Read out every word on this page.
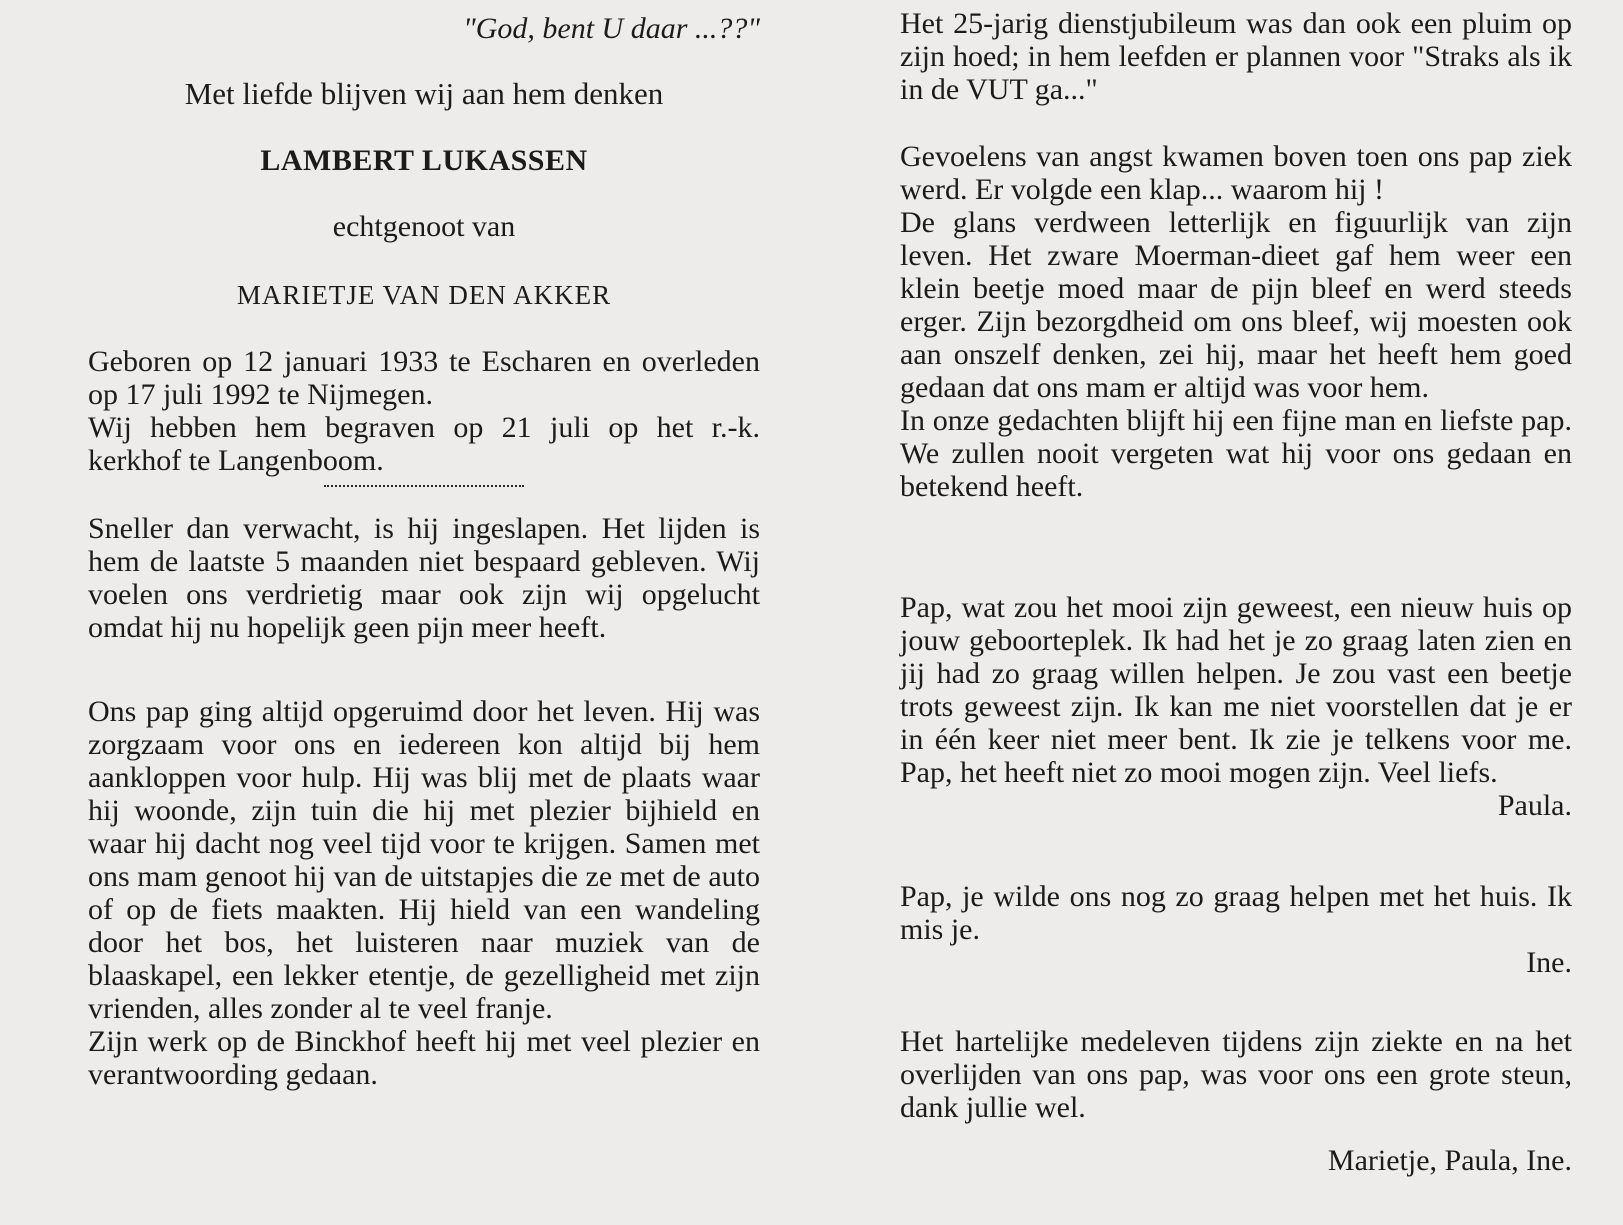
"God, bent U daar ...??"

Met liefde blijven wij aan hem denken

LAMBERT LUKASSEN

echtgenoot van

MARIETJE VAN DEN AKKER

Geboren op 12 januari 1933 te Escharen en overleden op 17 juli 1992 te Nijmegen.

Wij hebben hem begraven op 21 juli op het r.-k. kerkhof te Langenboom.

Sneller dan verwacht, is hij ingeslapen. Het lijden is hem de laatste 5 maanden niet bespaard gebleven. Wij voelen ons verdrietig maar ook zijn wij opgelucht omdat hij nu hopelijk geen pijn meer heeft.

Ons pap ging altijd opgeruimd door het leven. Hij was zorgzaam voor ons en iedereen kon altijd bij hem aankloppen voor hulp. Hij was blij met de plaats waar hij woonde, zijn tuin die hij met plezier bijhield en waar hij dacht nog veel tijd voor te krijgen. Samen met ons mam genoot hij van de uitstapjes die ze met de auto of op de fiets maakten. Hij hield van een wandeling door het bos, het luisteren naar muziek van de blaaskapel, een lekker etentje, de gezelligheid met zijn vrienden, alles zonder al te veel franje.

Zijn werk op de Binckhof heeft hij met veel plezier en verantwoording gedaan.

Het 25-jarig dienstjubileum was dan ook een pluim op zijn hoed; in hem leefden er plannen voor "Straks als ik in de VUT ga..."

Gevoelens van angst kwamen boven toen ons pap ziek werd. Er volgde een klap... waarom hij !

De glans verdween letterlijk en figuurlijk van zijn leven. Het zware Moerman-dieet gaf hem weer een klein beetje moed maar de pijn bleef en werd steeds erger. Zijn bezorgdheid om ons bleef, wij moesten ook aan onszelf denken, zei hij, maar het heeft hem goed gedaan dat ons mam er altijd was voor hem.

In onze gedachten blijft hij een fijne man en liefste pap. We zullen nooit vergeten wat hij voor ons gedaan en betekend heeft.

Pap, wat zou het mooi zijn geweest, een nieuw huis op jouw geboorteplek. Ik had het je zo graag laten zien en jij had zo graag willen helpen. Je zou vast een beetje trots geweest zijn. Ik kan me niet voorstellen dat je er in één keer niet meer bent. Ik zie je telkens voor me. Pap, het heeft niet zo mooi mogen zijn. Veel liefs.

Paula.

Pap, je wilde ons nog zo graag helpen met het huis. Ik mis je.

Ine.

Het hartelijke medeleven tijdens zijn ziekte en na het overlijden van ons pap, was voor ons een grote steun, dank jullie wel.

Marietje, Paula, Ine.
